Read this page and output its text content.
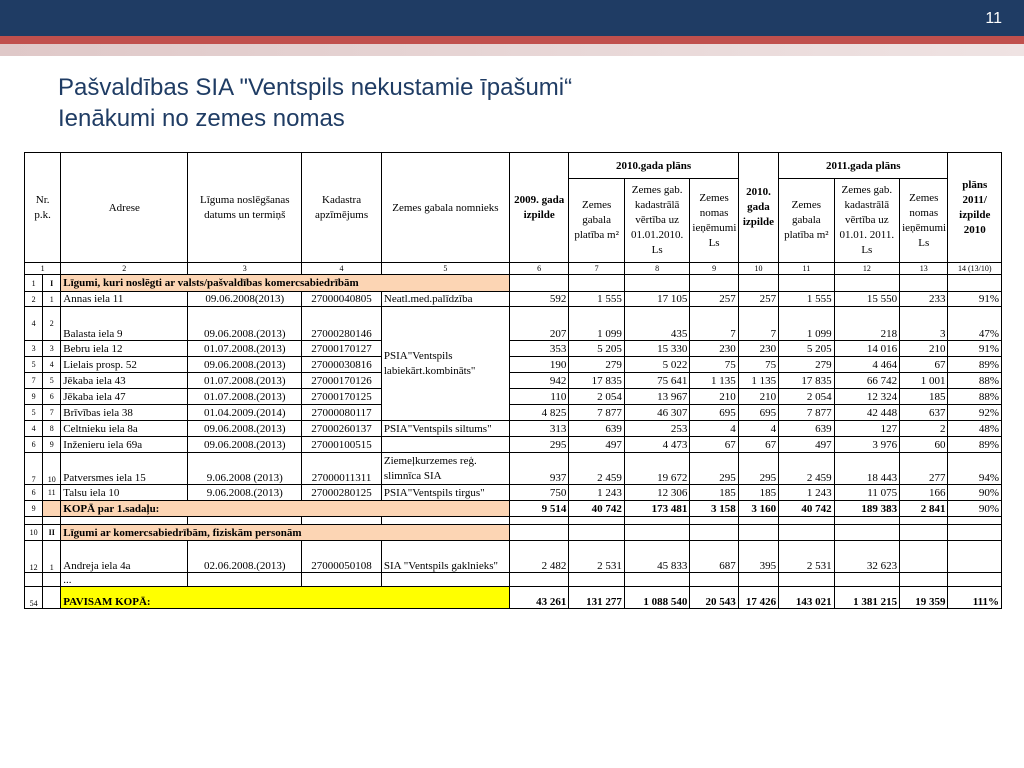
11
Pašvaldības SIA "Ventspils nekustamie īpašumi“
Ienākumi no zemes nomas
Nr. p.k.		Adrese	Līguma noslēgšanas datums un termiņš	Kadastra apzīmējums	Zemes gabala nomnieks	2009. gada izpilde	2010.gada plāns			2010. gada izpilde	2011.gada plāns			plāns 2011/ izpilde 2010
							Zemes gabala platība m²	Zemes gab. kadastrālā vērtība uz 01.01.2010. Ls	Zemes nomas ieņēmumi Ls		Zemes gabala platība m²	Zemes gab. kadastrālā vērtība uz 01.01. 2011. Ls	Zemes nomas ieņēmumi Ls	
1		2	3	4	5	6	7	8	9	10	11	12	13	14 (13/10)
1	I	Līgumi, kuri noslēgti ar valsts/pašvaldības komercsabiedrībām												
2	1	Annas iela 11	09.06.2008(2013)	27000040805	Neatl.med.palīdzība	592	1 555	17 105	257	257	1 555	15 550	233	91%
4	2	Balasta iela 9	09.06.2008.(2013)	27000280146	PSIA"Ventspils labiekārt.kombināts"	207	1 099	435	7	7	1 099	218	3	47%
3	3	Bebru iela 12	01.07.2008.(2013)	27000170127		353	5 205	15 330	230	230	5 205	14 016	210	91%
5	4	Lielais prosp. 52	09.06.2008.(2013)	27000030816		190	279	5 022	75	75	279	4 464	67	89%
7	5	Jēkaba iela 43	01.07.2008.(2013)	27000170126		942	17 835	75 641	1 135	1 135	17 835	66 742	1 001	88%
9	6	Jēkaba iela 47	01.07.2008.(2013)	27000170125		110	2 054	13 967	210	210	2 054	12 324	185	88%
5	7	Brīvības iela 38	01.04.2009.(2014)	27000080117		4 825	7 877	46 307	695	695	7 877	42 448	637	92%
4	8	Celtnieku iela 8a	09.06.2008.(2013)	27000260137	PSIA"Ventspils siltums"	313	639	253	4	4	639	127	2	48%
6	9	Inženieru iela 69a	09.06.2008.(2013)	27000100515		295	497	4 473	67	67	497	3 976	60	89%
7	10	Patversmes iela 15	9.06.2008 (2013)	27000011311	Ziemeļkurzemes reģ. slimnīca SIA	937	2 459	19 672	295	295	2 459	18 443	277	94%
6	11	Talsu iela 10	9.06.2008.(2013)	27000280125	PSIA"Ventspils tirgus"	750	1 243	12 306	185	185	1 243	11 075	166	90%
9		KOPĀ par 1.sadaļu:				9 514	40 742	173 481	3 158	3 160	40 742	189 383	2 841	90%

10	II	Līgumi ar komercsabiedrībām, fiziskām personām												
12	1	Andreja iela 4a	02.06.2008.(2013)	27000050108	SIA "Ventspils gaklnieks"	2 482	2 531	45 833	687	395	2 531	32 623		
		...												
54		PAVISAM KOPĀ:				43 261	131 277	1 088 540	20 543	17 426	143 021	1 381 215	19 359	111%
